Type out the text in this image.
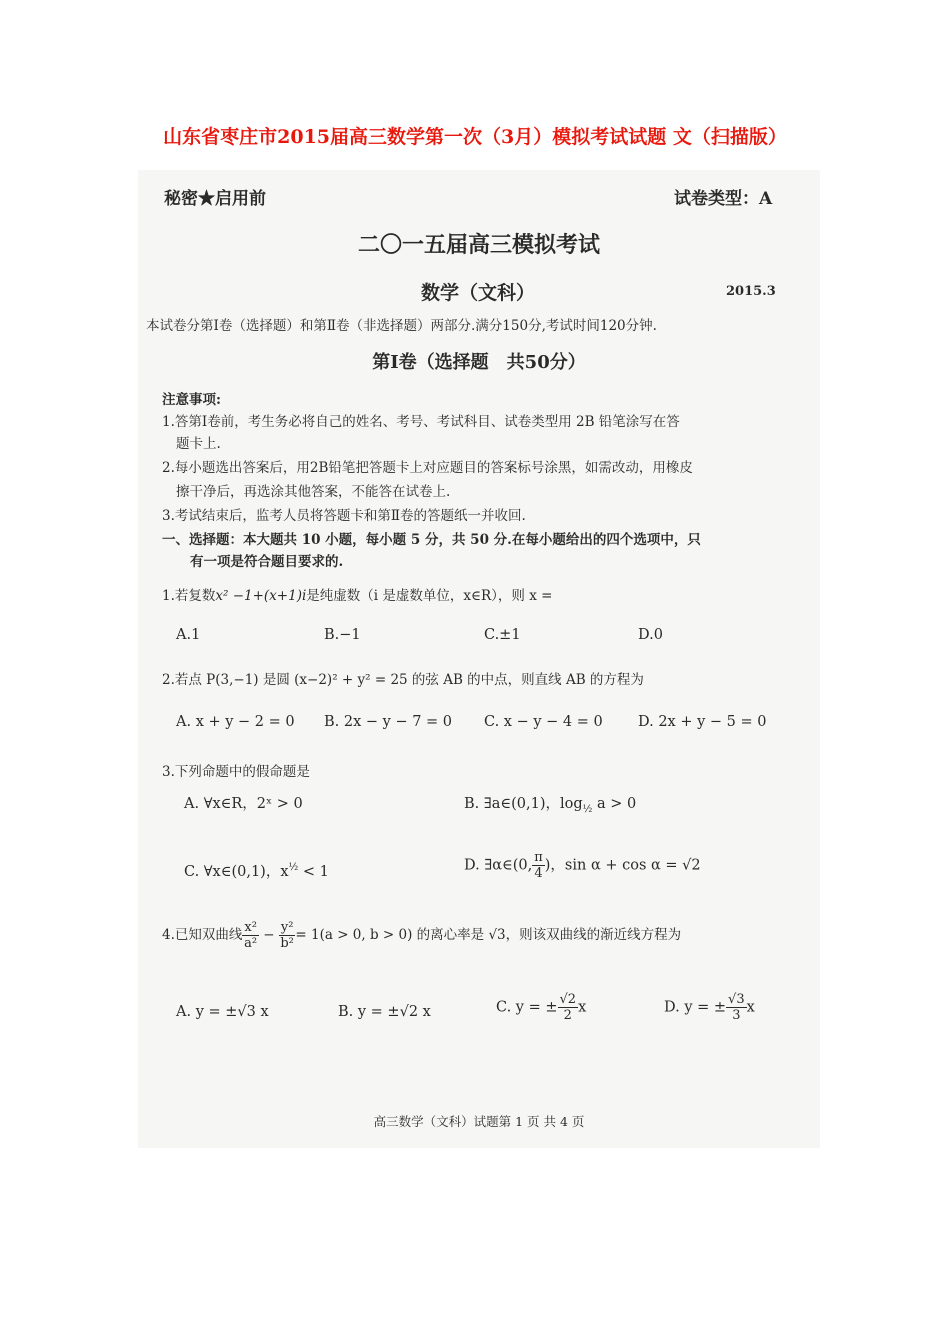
山东省枣庄市2015届高三数学第一次（3月）模拟考试试题 文（扫描版）
秘密★启用前	试卷类型：A
二〇一五届高三模拟考试
数学（文科）	2015.3
本试卷分第Ⅰ卷（选择题）和第Ⅱ卷（非选择题）两部分.满分150分,考试时间120分钟.
第Ⅰ卷（选择题　共50分）
注意事项:
1.答第Ⅰ卷前，考生务必将自己的姓名、考号、考试科目、试卷类型用 2B 铅笔涂写在答
题卡上.
2.每小题选出答案后，用2B铅笔把答题卡上对应题目的答案标号涂黑，如需改动，用橡皮
擦干净后，再选涂其他答案，不能答在试卷上.
3.考试结束后，监考人员将答题卡和第Ⅱ卷的答题纸一并收回.
一、选择题：本大题共 10 小题，每小题 5 分，共 50 分.在每小题给出的四个选项中，只
有一项是符合题目要求的.
1.若复数x² −1+(x+1)i是纯虚数（i 是虚数单位，x∈R），则 x =
A.1	B.−1	C.±1	D.0
2.若点 P(3,−1) 是圆 (x−2)² + y² = 25 的弦 AB 的中点，则直线 AB 的方程为
A. x + y − 2 = 0 B. 2x − y − 7 = 0 C. x − y − 4 = 0 D. 2x + y − 5 = 0
3.下列命题中的假命题是
A. ∀x∈R，2ˣ > 0	B. ∃a∈(0,1)，$\log_{\frac{1}{2}} a > 0$
C. ∀x∈(0,1)，$x^{\frac{1}{2}} < 1$	D. ∃α∈(0, $\frac{\pi}{4}$ )，sin α + cos α = √2
4.已知双曲线 $\frac{\text{x²}}{\text{a²}} - \frac{\text{y²}}{\text{b²}} = 1(a > 0$, b > 0) 的离心率是 √3，则该双曲线的渐近线方程为
A. y = ±√3 x	B. y = ±√2 x	C. y = ± $\frac{√2}{2}$ x	D. y = ± $\frac{√3}{3}$ x
高三数学（文科）试题第 1 页 共 4 页
